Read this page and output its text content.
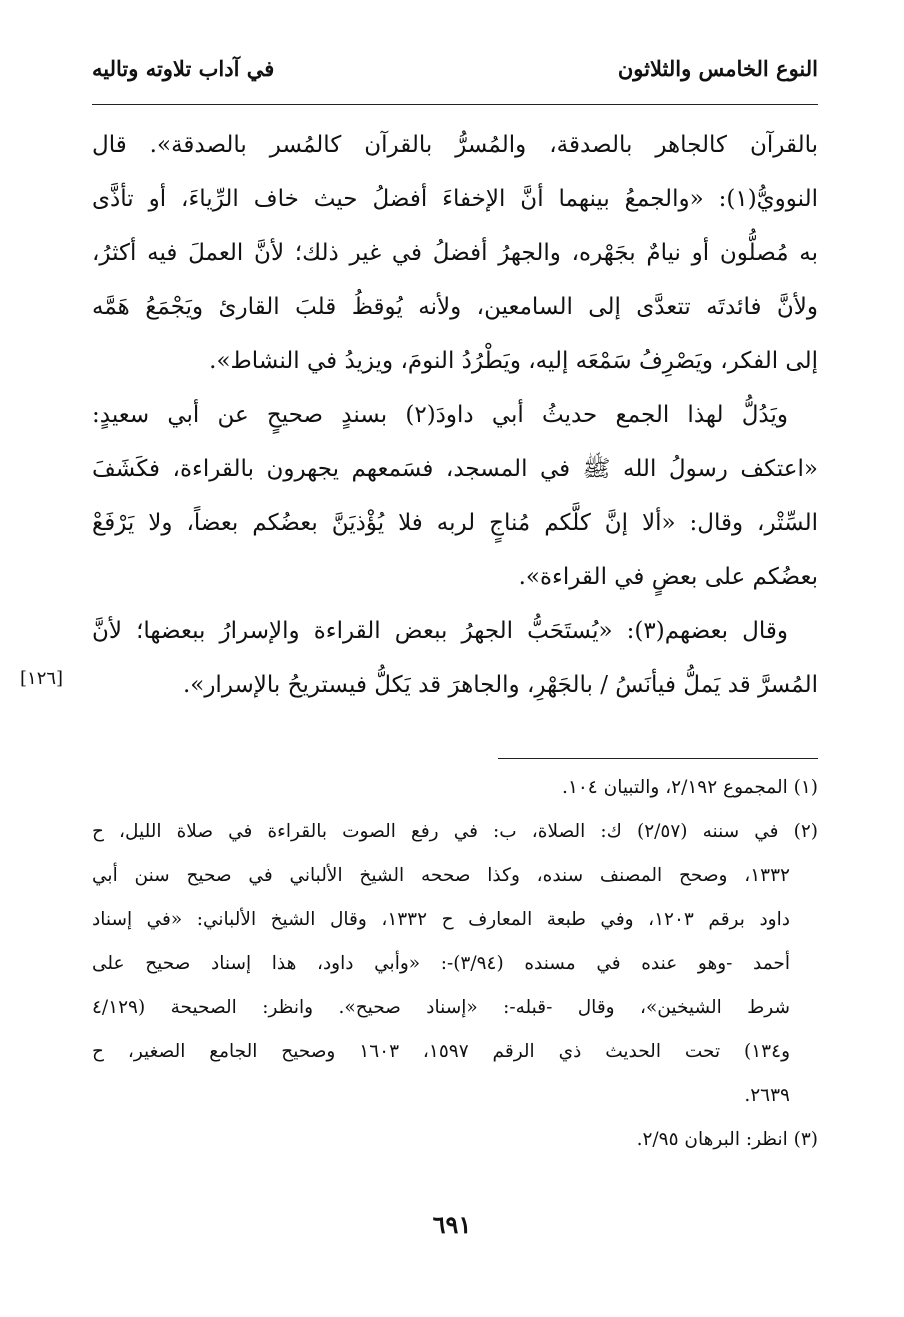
النوع الخامس والثلاثون
في آداب تلاوته وتاليه
بالقرآن كالجاهر بالصدقة، والمُسرُّ بالقرآن كالمُسر بالصدقة». قال
النوويُّ(١): «والجمعُ بينهما أنَّ الإخفاءَ أفضلُ حيث خاف الرِّياءَ، أو تأذَّى
به مُصلُّون أو نيامٌ بجَهْره، والجهرُ أفضلُ في غير ذلك؛ لأنَّ العملَ فيه أكثرُ،
ولأنَّ فائدتَه تتعدَّى إلى السامعين، ولأنه يُوقظُ قلبَ القارئ ويَجْمَعُ هَمَّه
إلى الفكر، ويَصْرِفُ سَمْعَه إليه، ويَطْرُدُ النومَ، ويزيدُ في النشاط».
ويَدُلُّ لهذا الجمع حديثُ أبي داودَ(٢) بسندٍ صحيحٍ عن أبي سعيدٍ:
«اعتكف رسولُ الله ﷺ في المسجد، فسَمعهم يجهرون بالقراءة، فكَشَفَ
السِّتْر، وقال: «ألا إنَّ كلَّكم مُناجٍ لربه فلا يُؤْذيَنَّ بعضُكم بعضاً، ولا يَرْفَعْ
بعضُكم على بعضٍ في القراءة».
وقال بعضهم(٣): «يُستَحَبُّ الجهرُ ببعض القراءة والإسرارُ ببعضها؛ لأنَّ
المُسرَّ قد يَملُّ فيأنَسُ / بالجَهْرِ، والجاهرَ قد يَكلُّ فيستريحُ بالإسرار».
[١٢٦]
(١) المجموع ٢/١٩٢، والتبيان ١٠٤.
(٢) في سننه (٢/٥٧) ك: الصلاة، ب: في رفع الصوت بالقراءة في صلاة الليل، ح
١٣٣٢، وصحح المصنف سنده، وكذا صححه الشيخ الألباني في صحيح سنن أبي
داود برقم ١٢٠٣، وفي طبعة المعارف ح ١٣٣٢، وقال الشيخ الألباني: «في إسناد
أحمد -وهو عنده في مسنده (٣/٩٤)-: «وأبي داود، هذا إسناد صحيح على
شرط الشيخين»، وقال -قبله-: «إسناد صحيح». وانظر: الصحيحة (٤/١٢٩
و١٣٤) تحت الحديث ذي الرقم ١٥٩٧، ١٦٠٣ وصحيح الجامع الصغير، ح
٢٦٣٩.
(٣) انظر: البرهان ٢/٩٥.
٦٩١
